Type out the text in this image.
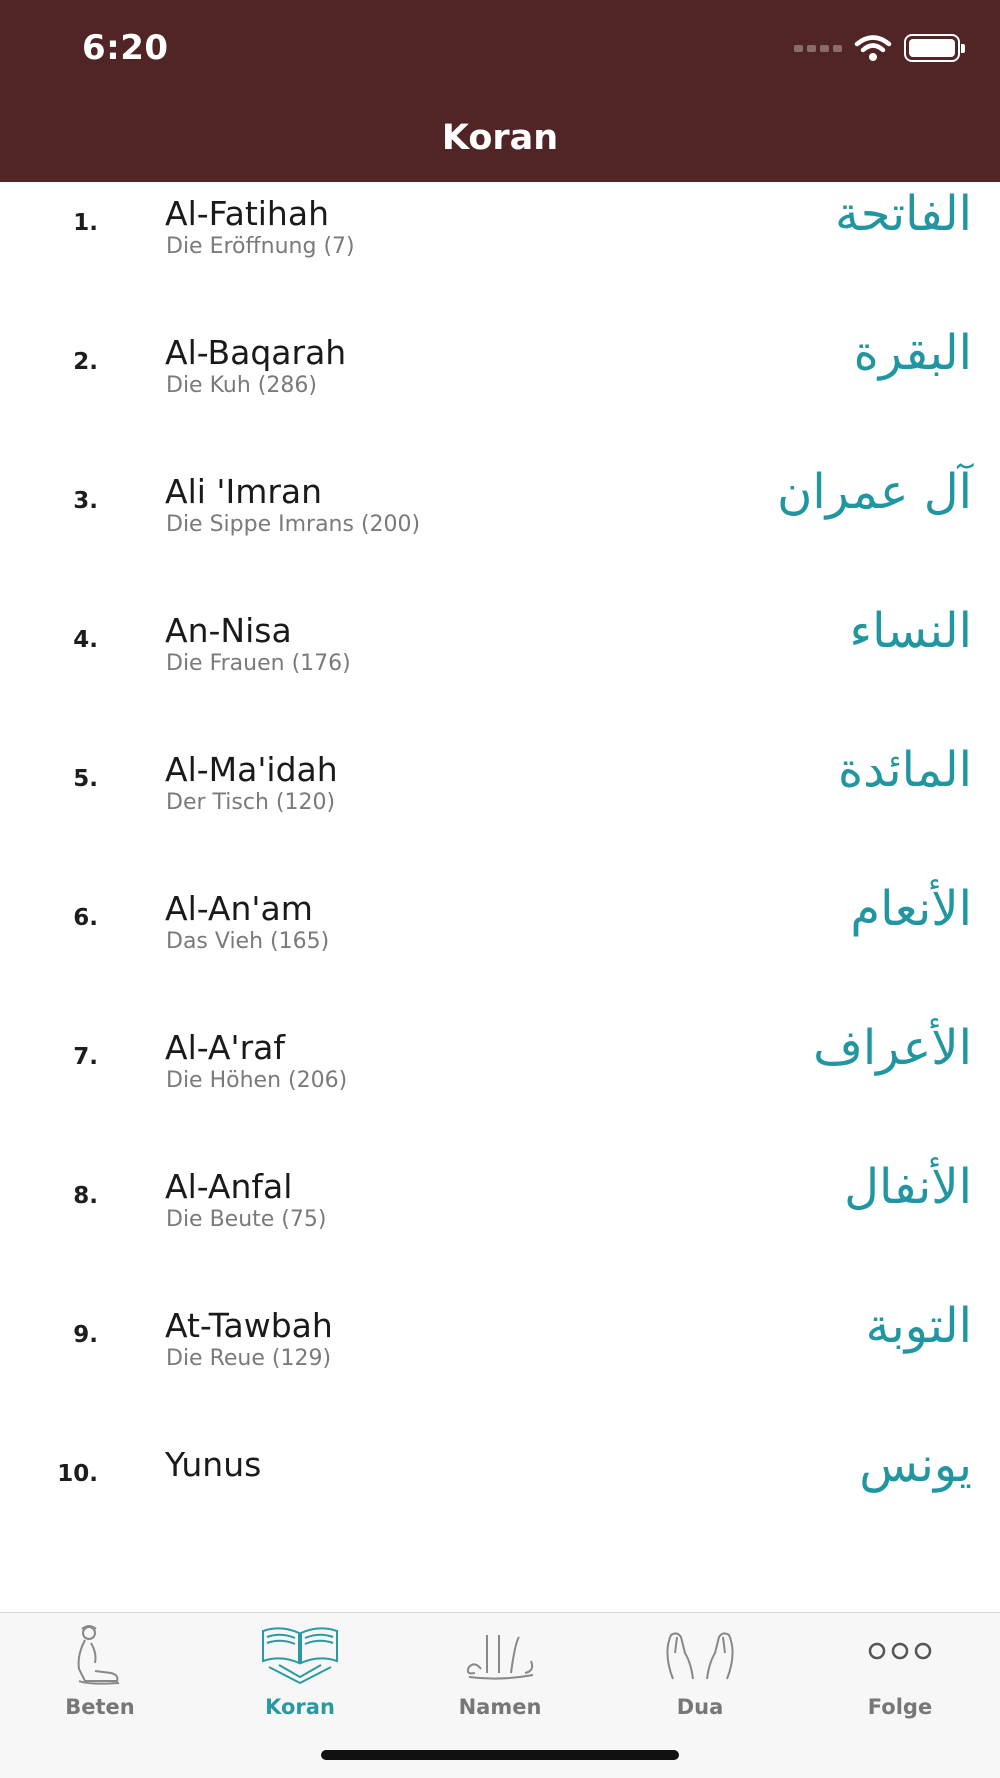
6:20
Koran
1. Al-Fatihah
Die Eröffnung (7)
الفاتحة
2. Al-Baqarah
Die Kuh (286)
البقرة
3. Ali 'Imran
Die Sippe Imrans (200)
آل عمران
4. An-Nisa
Die Frauen (176)
النساء
5. Al-Ma'idah
Der Tisch (120)
المائدة
6. Al-An'am
Das Vieh (165)
الأنعام
7. Al-A'raf
Die Höhen (206)
الأعراف
8. Al-Anfal
Die Beute (75)
الأنفال
9. At-Tawbah
Die Reue (129)
التوبة
10. Yunus	يونس
Beten	Koran	Namen	Dua	Folge
